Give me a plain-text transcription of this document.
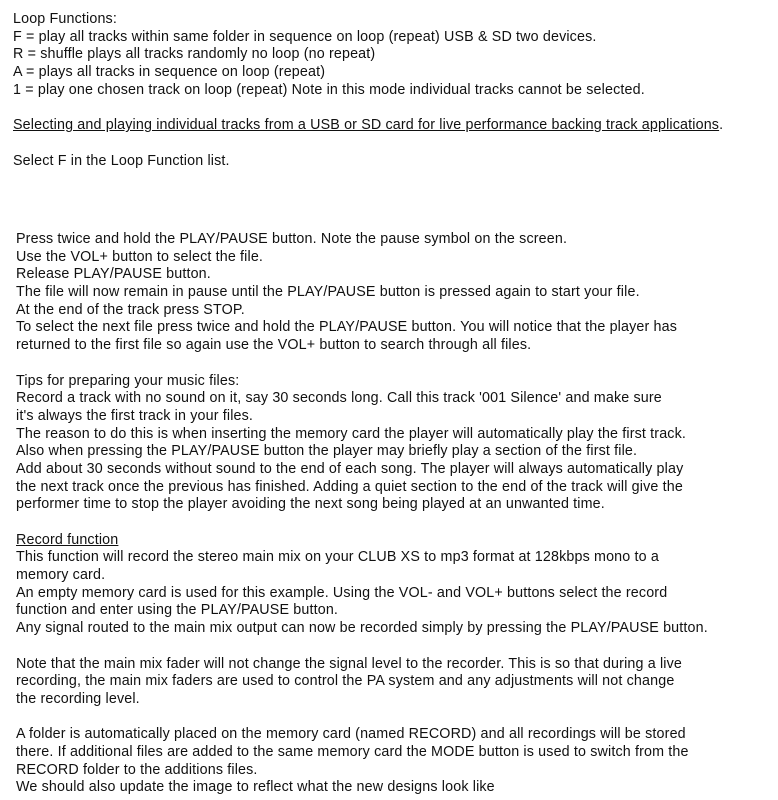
Loop Functions:
F = play all tracks within same folder in sequence on loop (repeat) USB & SD two devices.
R = shuffle plays all tracks randomly no loop (no repeat)
A = plays all tracks in sequence on loop (repeat)
1 = play one chosen track on loop (repeat) Note in this mode individual tracks cannot be selected.
Selecting and playing individual tracks from a USB or SD card for live performance backing track applications.
Select F in the Loop Function list.
Press twice and hold the PLAY/PAUSE button. Note the pause symbol on the screen.
Use the VOL+ button to select the file.
Release PLAY/PAUSE button.
The file will now remain in pause until the PLAY/PAUSE button is pressed again to start your file.
At the end of the track press STOP.
To select the next file press twice and hold the PLAY/PAUSE button. You will notice that the player has
returned to the first file so again use the VOL+ button to search through all files.
Tips for preparing your music files:
Record a track with no sound on it, say 30 seconds long. Call this track '001 Silence' and make sure
it's always the first track in your files.
The reason to do this is when inserting the memory card the player will automatically play the first track.
Also when pressing the PLAY/PAUSE button the player may briefly play a section of the first file.
Add about 30 seconds without sound to the end of each song. The player will always automatically play
the next track once the previous has finished. Adding a quiet section to the end of the track will give the
performer time to stop the player avoiding the next song being played at an unwanted time.
Record function
This function will record the stereo main mix on your CLUB XS to mp3 format at 128kbps mono to a
memory card.
An empty memory card is used for this example. Using the VOL- and VOL+ buttons select the record
function and enter using the PLAY/PAUSE button.
Any signal routed to the main mix output can now be recorded simply by pressing the PLAY/PAUSE button.
Note that the main mix fader will not change the signal level to the recorder. This is so that during a live
recording, the main mix faders are used to control the PA system and any adjustments will not change
the recording level.
A folder is automatically placed on the memory card (named RECORD) and all recordings will be stored
there. If additional files are added to the same memory card the MODE button is used to switch from the
RECORD folder to the additions files.
We should also update the image to reflect what the new designs look like
